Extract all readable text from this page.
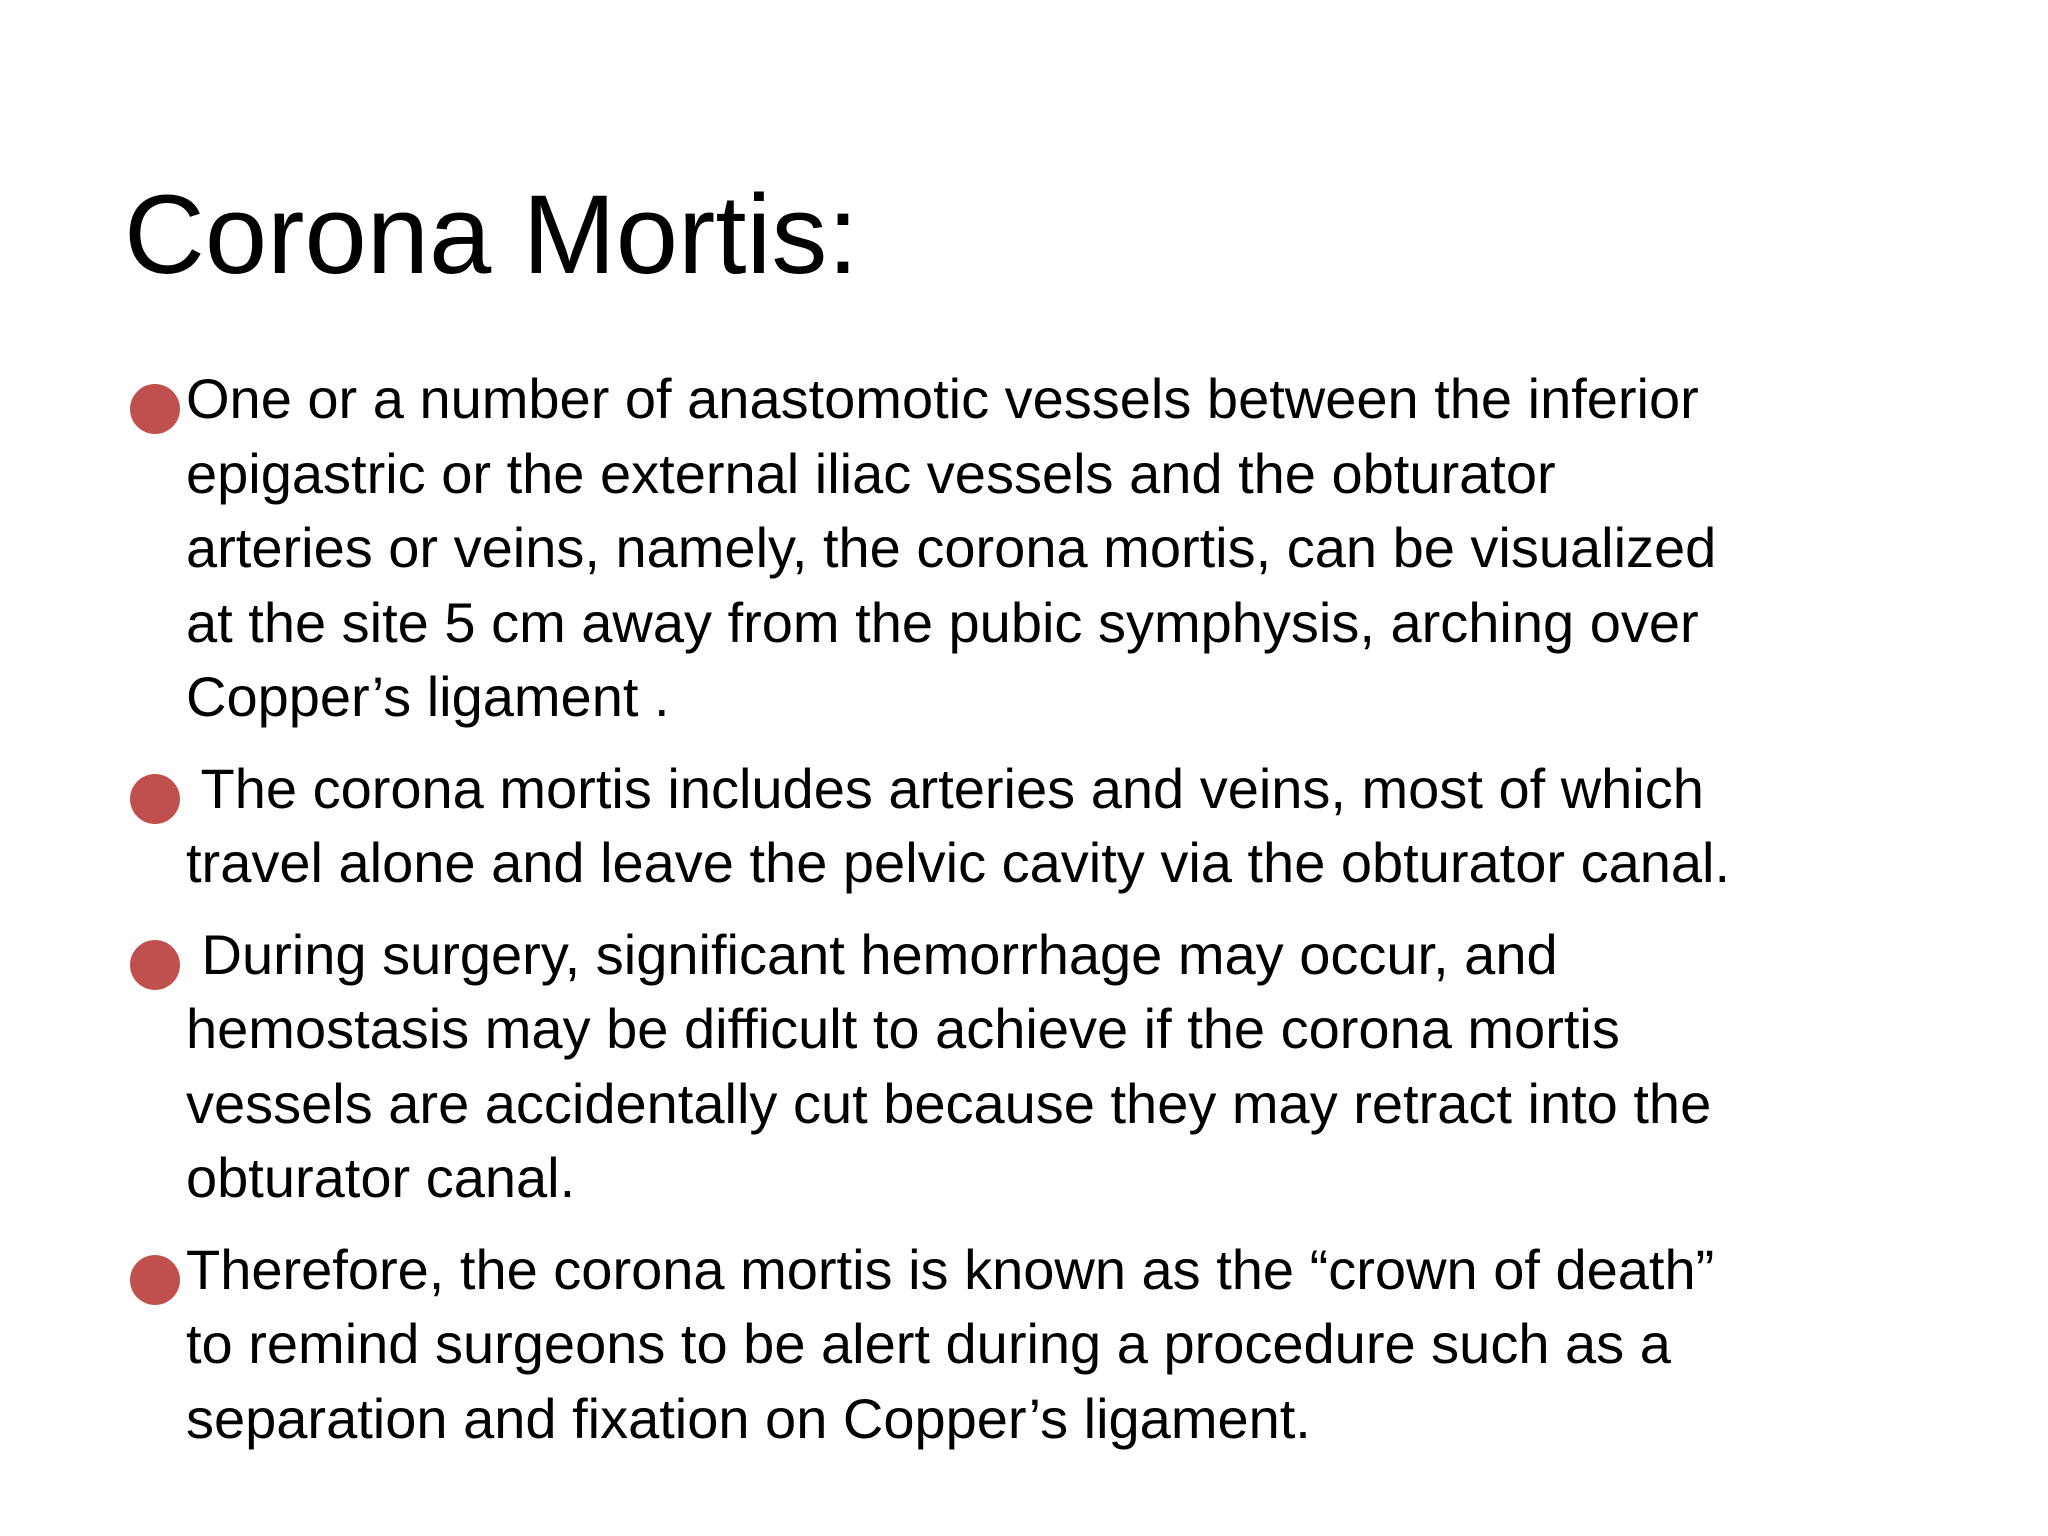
Corona Mortis:
One or a number of anastomotic vessels between the inferior
epigastric or the external iliac vessels and the obturator
arteries or veins, namely, the corona mortis, can be visualized
at the site 5 cm away from the pubic symphysis, arching over
Copper’s ligament .
The corona mortis includes arteries and veins, most of which
travel alone and leave the pelvic cavity via the obturator canal.
During surgery, significant hemorrhage may occur, and
hemostasis may be difficult to achieve if the corona mortis
vessels are accidentally cut because they may retract into the
obturator canal.
Therefore, the corona mortis is known as the “crown of death”
to remind surgeons to be alert during a procedure such as a
separation and fixation on Copper’s ligament.
